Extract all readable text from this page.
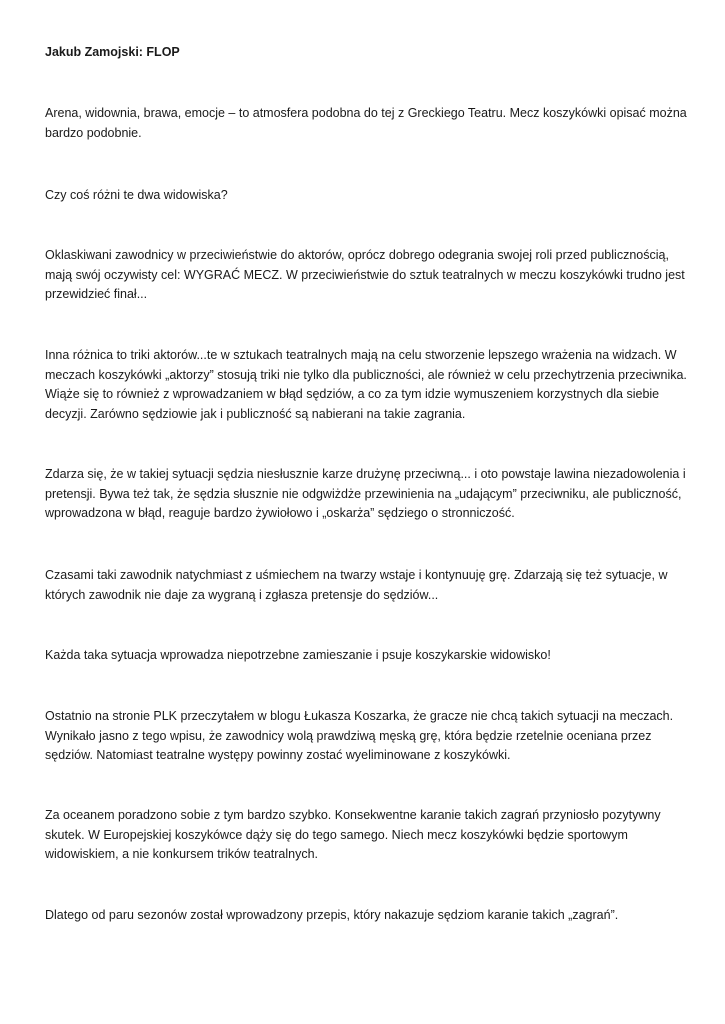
Jakub Zamojski: FLOP

Arena, widownia, brawa, emocje – to atmosfera podobna do tej z Greckiego Teatru. Mecz koszykówki opisać można
bardzo podobnie.

Czy coś różni te dwa widowiska?

Oklaskiwani zawodnicy w przeciwieństwie do aktorów, oprócz dobrego odegrania swojej roli przed publicznością,
mają swój oczywisty cel: WYGRAĆ MECZ. W przeciwieństwie do sztuk teatralnych w meczu koszykówki trudno jest
przewidzieć finał...

Inna różnica to triki aktorów...te w sztukach teatralnych mają na celu stworzenie lepszego wrażenia na widzach. W
meczach koszykówki „aktorzy” stosują triki nie tylko dla publiczności, ale również w celu przechytrzenia przeciwnika.
Wiąże się to również z wprowadzaniem w błąd sędziów, a co za tym idzie wymuszeniem korzystnych dla siebie
decyzji. Zarówno sędziowie jak i publiczność są nabierani na takie zagrania.

Zdarza się, że w takiej sytuacji sędzia niesłusznie karze drużynę przeciwną... i oto powstaje lawina niezadowolenia i
pretensji. Bywa też tak, że sędzia słusznie nie odgwiżdże przewinienia na „udającym” przeciwniku, ale publiczność,
wprowadzona w błąd, reaguje bardzo żywiołowo i „oskarża” sędziego o stronniczość.

Czasami taki zawodnik natychmiast z uśmiechem na twarzy wstaje i kontynuuję grę. Zdarzają się też sytuacje, w
których zawodnik nie daje za wygraną i zgłasza pretensje do sędziów...

Każda taka sytuacja wprowadza niepotrzebne zamieszanie i psuje koszykarskie widowisko!

Ostatnio na stronie PLK przeczytałem w blogu Łukasza Koszarka, że gracze nie chcą takich sytuacji na meczach.
Wynikało jasno z tego wpisu, że zawodnicy wolą prawdziwą męską grę, która będzie rzetelnie oceniana przez
sędziów. Natomiast teatralne występy powinny zostać wyeliminowane z koszykówki.

Za oceanem poradzono sobie z tym bardzo szybko. Konsekwentne karanie takich zagrań przyniosło pozytywny
skutek. W Europejskiej koszykówce dąży się do tego samego. Niech mecz koszykówki będzie sportowym
widowiskiem, a nie konkursem trików teatralnych.

Dlatego od paru sezonów został wprowadzony przepis, który nakazuje sędziom karanie takich „zagrań”.
